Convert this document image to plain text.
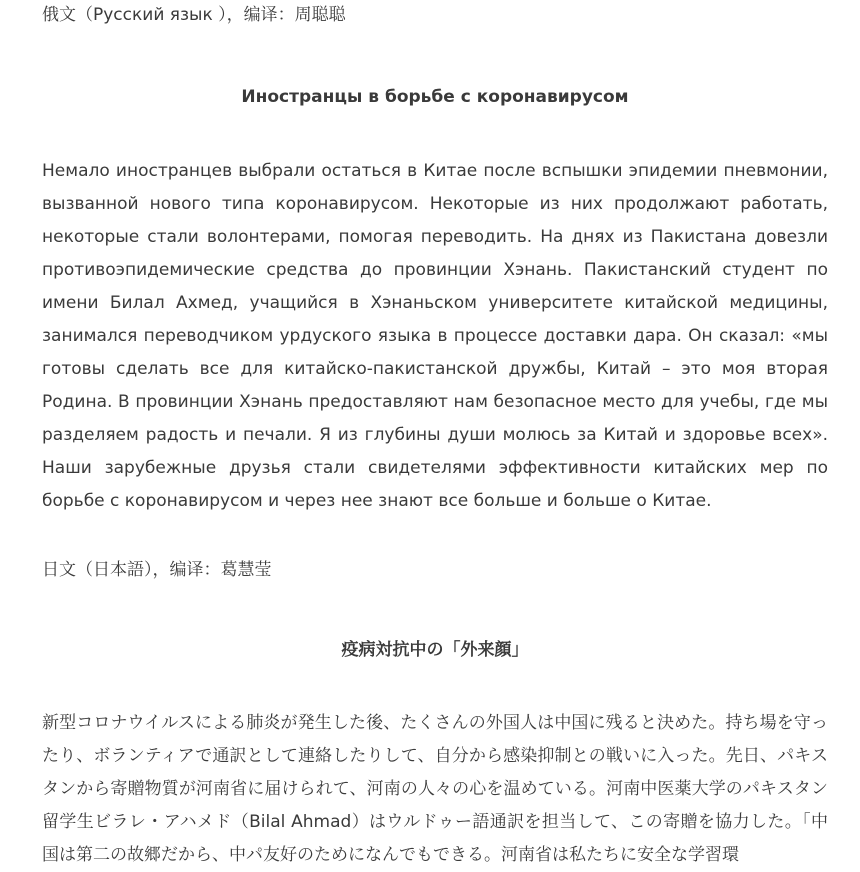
俄文（Русский язык ），编译：周聪聪

Иностранцы в борьбе с коронавирусом

Немало иностранцев выбрали остаться в Китае после вспышки эпидемии пневмонии, вызванной нового типа коронавирусом. Некоторые из них продолжают работать, некоторые стали волонтерами, помогая переводить. На днях из Пакистана довезли противоэпидемические средства до провинции Хэнань. Пакистанский студент по имени Билал Ахмед, учащийся в Хэнаньском университете китайской медицины, занимался переводчиком урдуского языка в процессе доставки дара. Он сказал: «мы готовы сделать все для китайско-пакистанской дружбы, Китай – это моя вторая Родина. В провинции Хэнань предоставляют нам безопасное место для учебы, где мы разделяем радость и печали. Я из глубины души молюсь за Китай и здоровье всех». Наши зарубежные друзья стали свидетелями эффективности китайских мер по борьбе с коронавирусом и через нее знают все больше и больше о Китае.

日文（日本語），编译：葛慧莹

疫病対抗中の「外来顔」

新型コロナウイルスによる肺炎が発生した後、たくさんの外国人は中国に残ると決めた。持ち場を守ったり、ボランティアで通訳として連絡したりして、自分から感染抑制との戦いに入った。先日、パキスタンから寄贈物質が河南省に届けられて、河南の人々の心を温めている。河南中医薬大学のパキスタン留学生ビラレ・アハメド（Bilal Ahmad）はウルドゥー語通訳を担当して、この寄贈を協力した。「中国は第二の故郷だから、中パ友好のためになんでもできる。河南省は私たちに安全な学習環
